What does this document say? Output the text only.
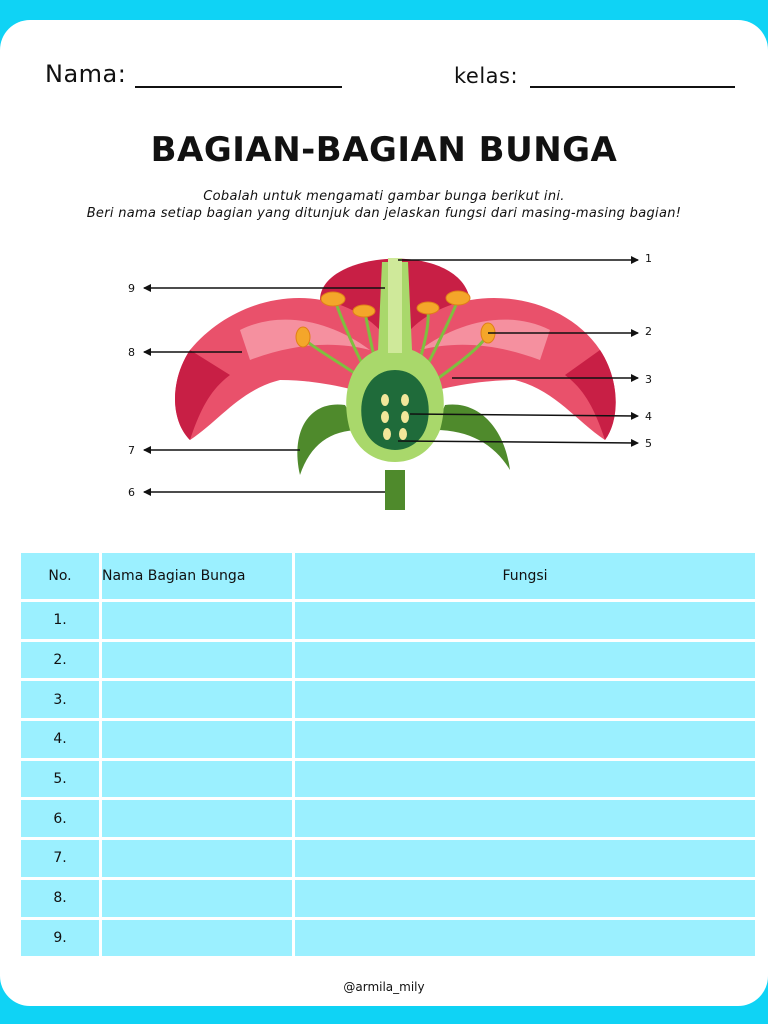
Nama:	kelas:
BAGIAN-BAGIAN BUNGA
Cobalah untuk mengamati gambar bunga berikut ini.
Beri nama setiap bagian yang ditunjuk dan jelaskan fungsi dari masing-masing bagian!
1
2
3
4
5
6
7
8
9
No.	Nama Bagian Bunga	Fungsi
1.		
2.		
3.		
4.		
5.		
6.		
7.		
8.		
9.		
@armila_mily
